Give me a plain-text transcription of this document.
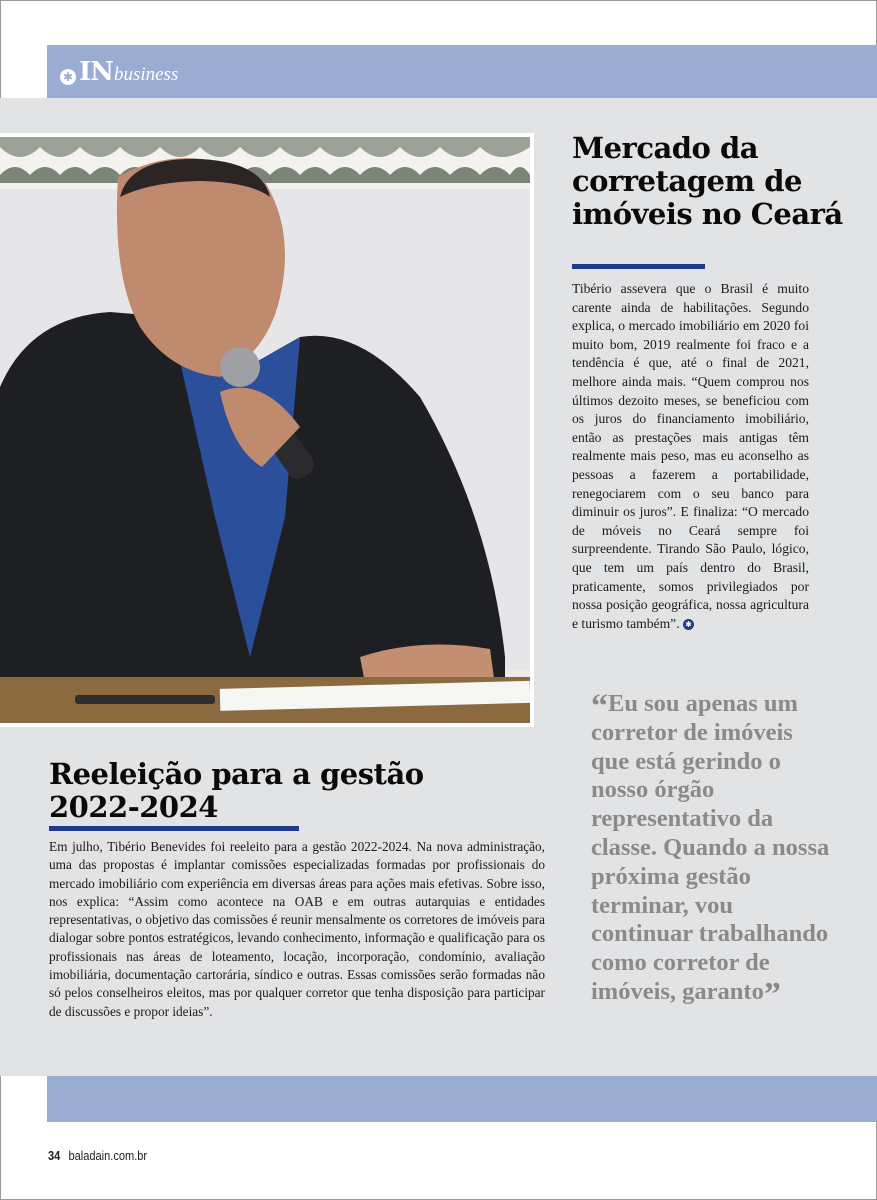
✱ IN business
Mercado da corretagem de imóveis no Ceará

Tibério assevera que o Brasil é muito carente ainda de habilitações. Segundo explica, o mercado imobiliário em 2020 foi muito bom, 2019 realmente foi fraco e a tendência é que, até o final de 2021, melhore ainda mais. “Quem comprou nos últimos dezoito meses, se beneficiou com os juros do financiamento imobiliário, então as prestações mais antigas têm realmente mais peso, mas eu aconselho as pessoas a fazerem a portabilidade, renegociarem com o seu banco para diminuir os juros”. E finaliza: “O mercado de móveis no Ceará sempre foi surpreendente. Tirando São Paulo, lógico, que tem um país dentro do Brasil, praticamente, somos privilegiados por nossa posição geográfica, nossa agricultura e turismo também”. ✱

Reeleição para a gestão 2022-2024

Em julho, Tibério Benevides foi reeleito para a gestão 2022-2024. Na nova administração, uma das propostas é implantar comissões especializadas formadas por profissionais do mercado imobiliário com experiência em diversas áreas para ações mais efetivas. Sobre isso, nos explica: “Assim como acontece na OAB e em outras autarquias e entidades representativas, o objetivo das comissões é reunir mensalmente os corretores de imóveis para dialogar sobre pontos estratégicos, levando conhecimento, informação e qualificação para os profissionais nas áreas de loteamento, locação, incorporação, condomínio, avaliação imobiliária, documentação cartorária, síndico e outras. Essas comissões serão formadas não só pelos conselheiros eleitos, mas por qualquer corretor que tenha disposição para participar de discussões e propor ideias”.

“Eu sou apenas um corretor de imóveis que está gerindo o nosso órgão representativo da classe. Quando a nossa próxima gestão terminar, vou continuar trabalhando como corretor de imóveis, garanto”

34 baladain.com.br
